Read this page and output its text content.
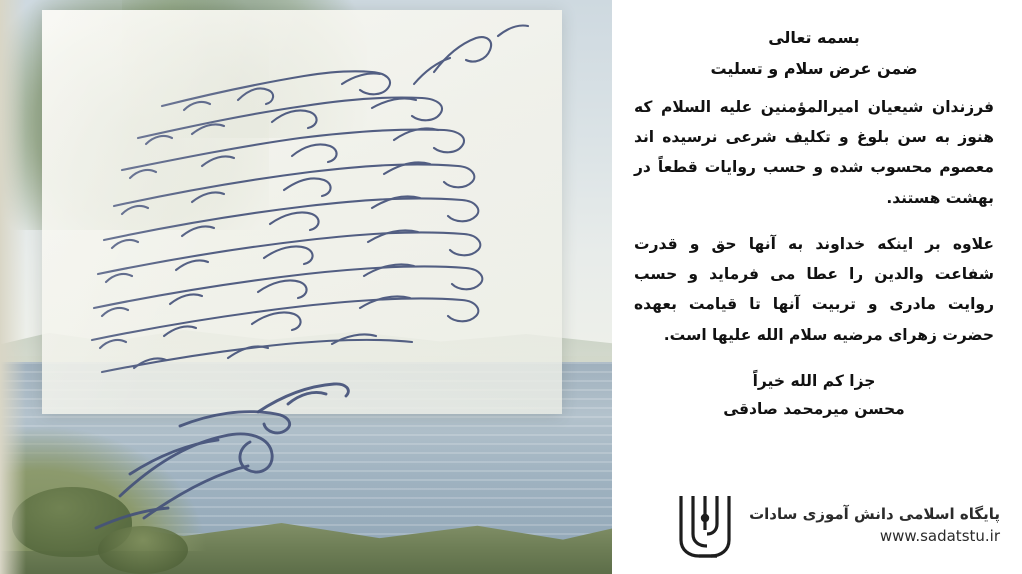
بسمه تعالی
ضمن عرض سلام و تسلیت

فرزندان شیعیان امیرالمؤمنین علیه السلام که هنوز به سن بلوغ و تکلیف شرعی نرسیده اند معصوم محسوب شده و حسب روایات قطعاً در بهشت هستند.

علاوه بر اینکه خداوند به آنها حق و قدرت شفاعت والدین را عطا می فرماید و حسب روایت مادری و تربیت آنها تا قیامت بعهده حضرت زهرای مرضیه سلام الله علیها است.

جزا کم الله خیراً
محسن میرمحمد صادقی
پایگاه اسلامی دانش آموزی سادات
www.sadatstu.ir
